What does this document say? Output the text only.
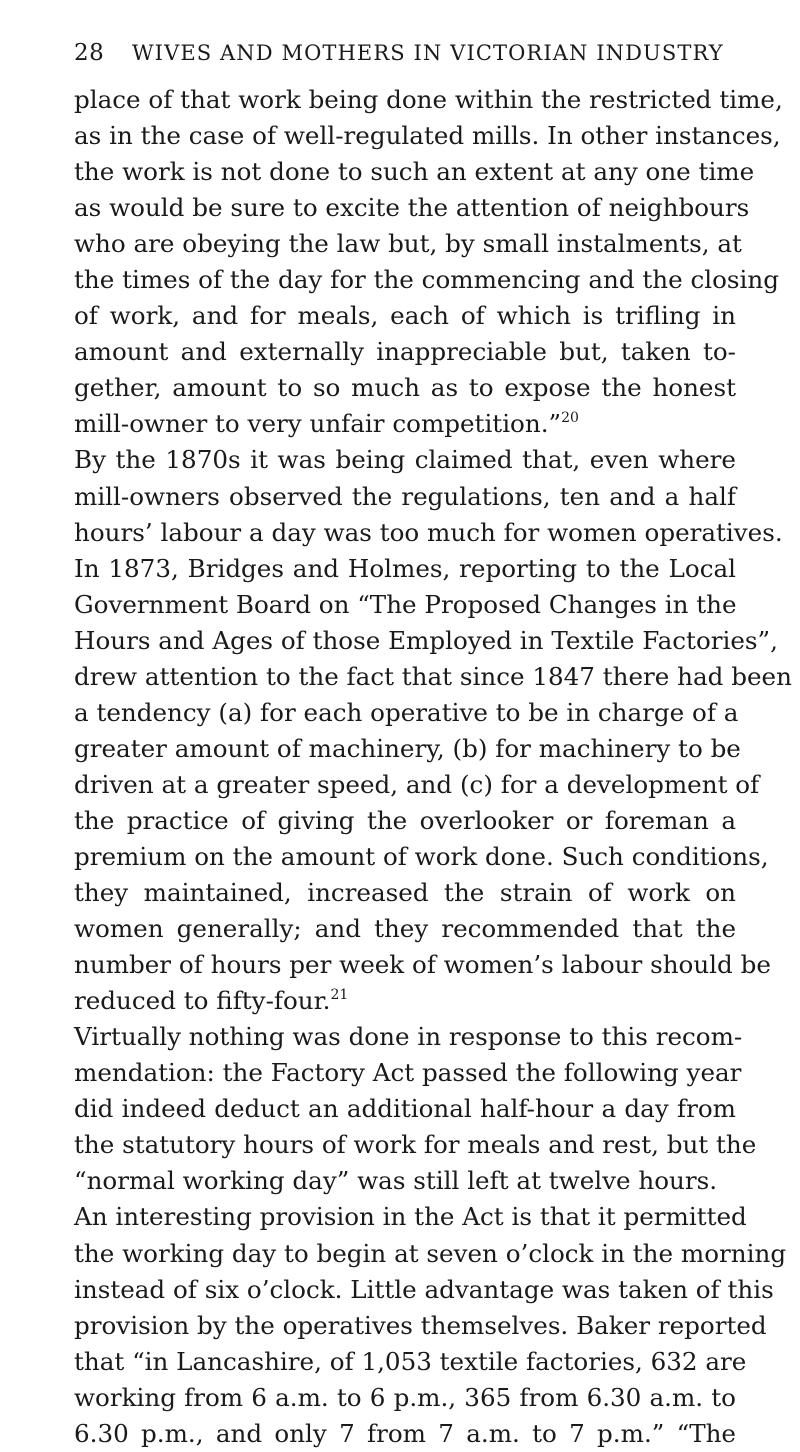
28 WIVES AND MOTHERS IN VICTORIAN INDUSTRY
place of that work being done within the restricted time,
as in the case of well-regulated mills. In other instances,
the work is not done to such an extent at any one time
as would be sure to excite the attention of neighbours
who are obeying the law but, by small instalments, at
the times of the day for the commencing and the closing
of work, and for meals, each of which is trifling in
amount and externally inappreciable but, taken to-
gether, amount to so much as to expose the honest
mill-owner to very unfair competition.”$^{20}$
By the 1870s it was being claimed that, even where
mill-owners observed the regulations, ten and a half
hours’ labour a day was too much for women operatives.
In 1873, Bridges and Holmes, reporting to the Local
Government Board on “The Proposed Changes in the
Hours and Ages of those Employed in Textile Factories”,
drew attention to the fact that since 1847 there had been
a tendency (a) for each operative to be in charge of a
greater amount of machinery, (b) for machinery to be
driven at a greater speed, and (c) for a development of
the practice of giving the overlooker or foreman a
premium on the amount of work done. Such conditions,
they maintained, increased the strain of work on
women generally; and they recommended that the
number of hours per week of women’s labour should be
reduced to fifty-four.$^{21}$
Virtually nothing was done in response to this recom-
mendation: the Factory Act passed the following year
did indeed deduct an additional half-hour a day from
the statutory hours of work for meals and rest, but the
“normal working day” was still left at twelve hours.
An interesting provision in the Act is that it permitted
the working day to begin at seven o’clock in the morning
instead of six o’clock. Little advantage was taken of this
provision by the operatives themselves. Baker reported
that “in Lancashire, of 1,053 textile factories, 632 are
working from 6 a.m. to 6 p.m., 365 from 6.30 a.m. to
6.30 p.m., and only 7 from 7 a.m. to 7 p.m.” “The
